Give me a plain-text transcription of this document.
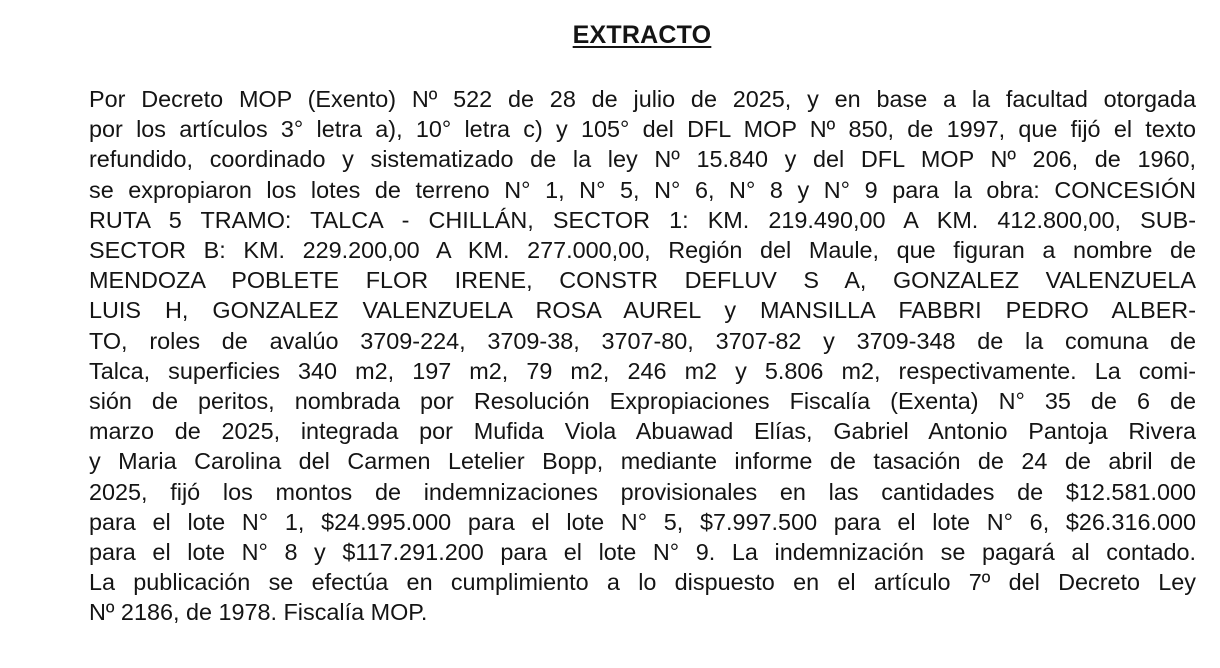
EXTRACTO
Por Decreto MOP (Exento) Nº 522 de 28 de julio de 2025, y en base a la facultad otorgada
por los artículos 3° letra a), 10° letra c) y 105° del DFL MOP Nº 850, de 1997, que fijó el texto
refundido, coordinado y sistematizado de la ley Nº 15.840 y del DFL MOP Nº 206, de 1960,
se expropiaron los lotes de terreno N° 1, N° 5, N° 6, N° 8 y N° 9 para la obra: CONCESIÓN
RUTA 5 TRAMO: TALCA - CHILLÁN, SECTOR 1: KM. 219.490,00 A KM. 412.800,00, SUB-
SECTOR B: KM. 229.200,00 A KM. 277.000,00, Región del Maule, que figuran a nombre de
MENDOZA POBLETE FLOR IRENE, CONSTR DEFLUV S A, GONZALEZ VALENZUELA
LUIS H, GONZALEZ VALENZUELA ROSA AUREL y MANSILLA FABBRI PEDRO ALBER-
TO, roles de avalúo 3709-224, 3709-38, 3707-80, 3707-82 y 3709-348 de la comuna de
Talca, superficies 340 m2, 197 m2, 79 m2, 246 m2 y 5.806 m2, respectivamente. La comi-
sión de peritos, nombrada por Resolución Expropiaciones Fiscalía (Exenta) N° 35 de 6 de
marzo de 2025, integrada por Mufida Viola Abuawad Elías, Gabriel Antonio Pantoja Rivera
y Maria Carolina del Carmen Letelier Bopp, mediante informe de tasación de 24 de abril de
2025, fijó los montos de indemnizaciones provisionales en las cantidades de $12.581.000
para el lote N° 1, $24.995.000 para el lote N° 5, $7.997.500 para el lote N° 6, $26.316.000
para el lote N° 8 y $117.291.200 para el lote N° 9. La indemnización se pagará al contado.
La publicación se efectúa en cumplimiento a lo dispuesto en el artículo 7º del Decreto Ley
Nº 2186, de 1978. Fiscalía MOP.
